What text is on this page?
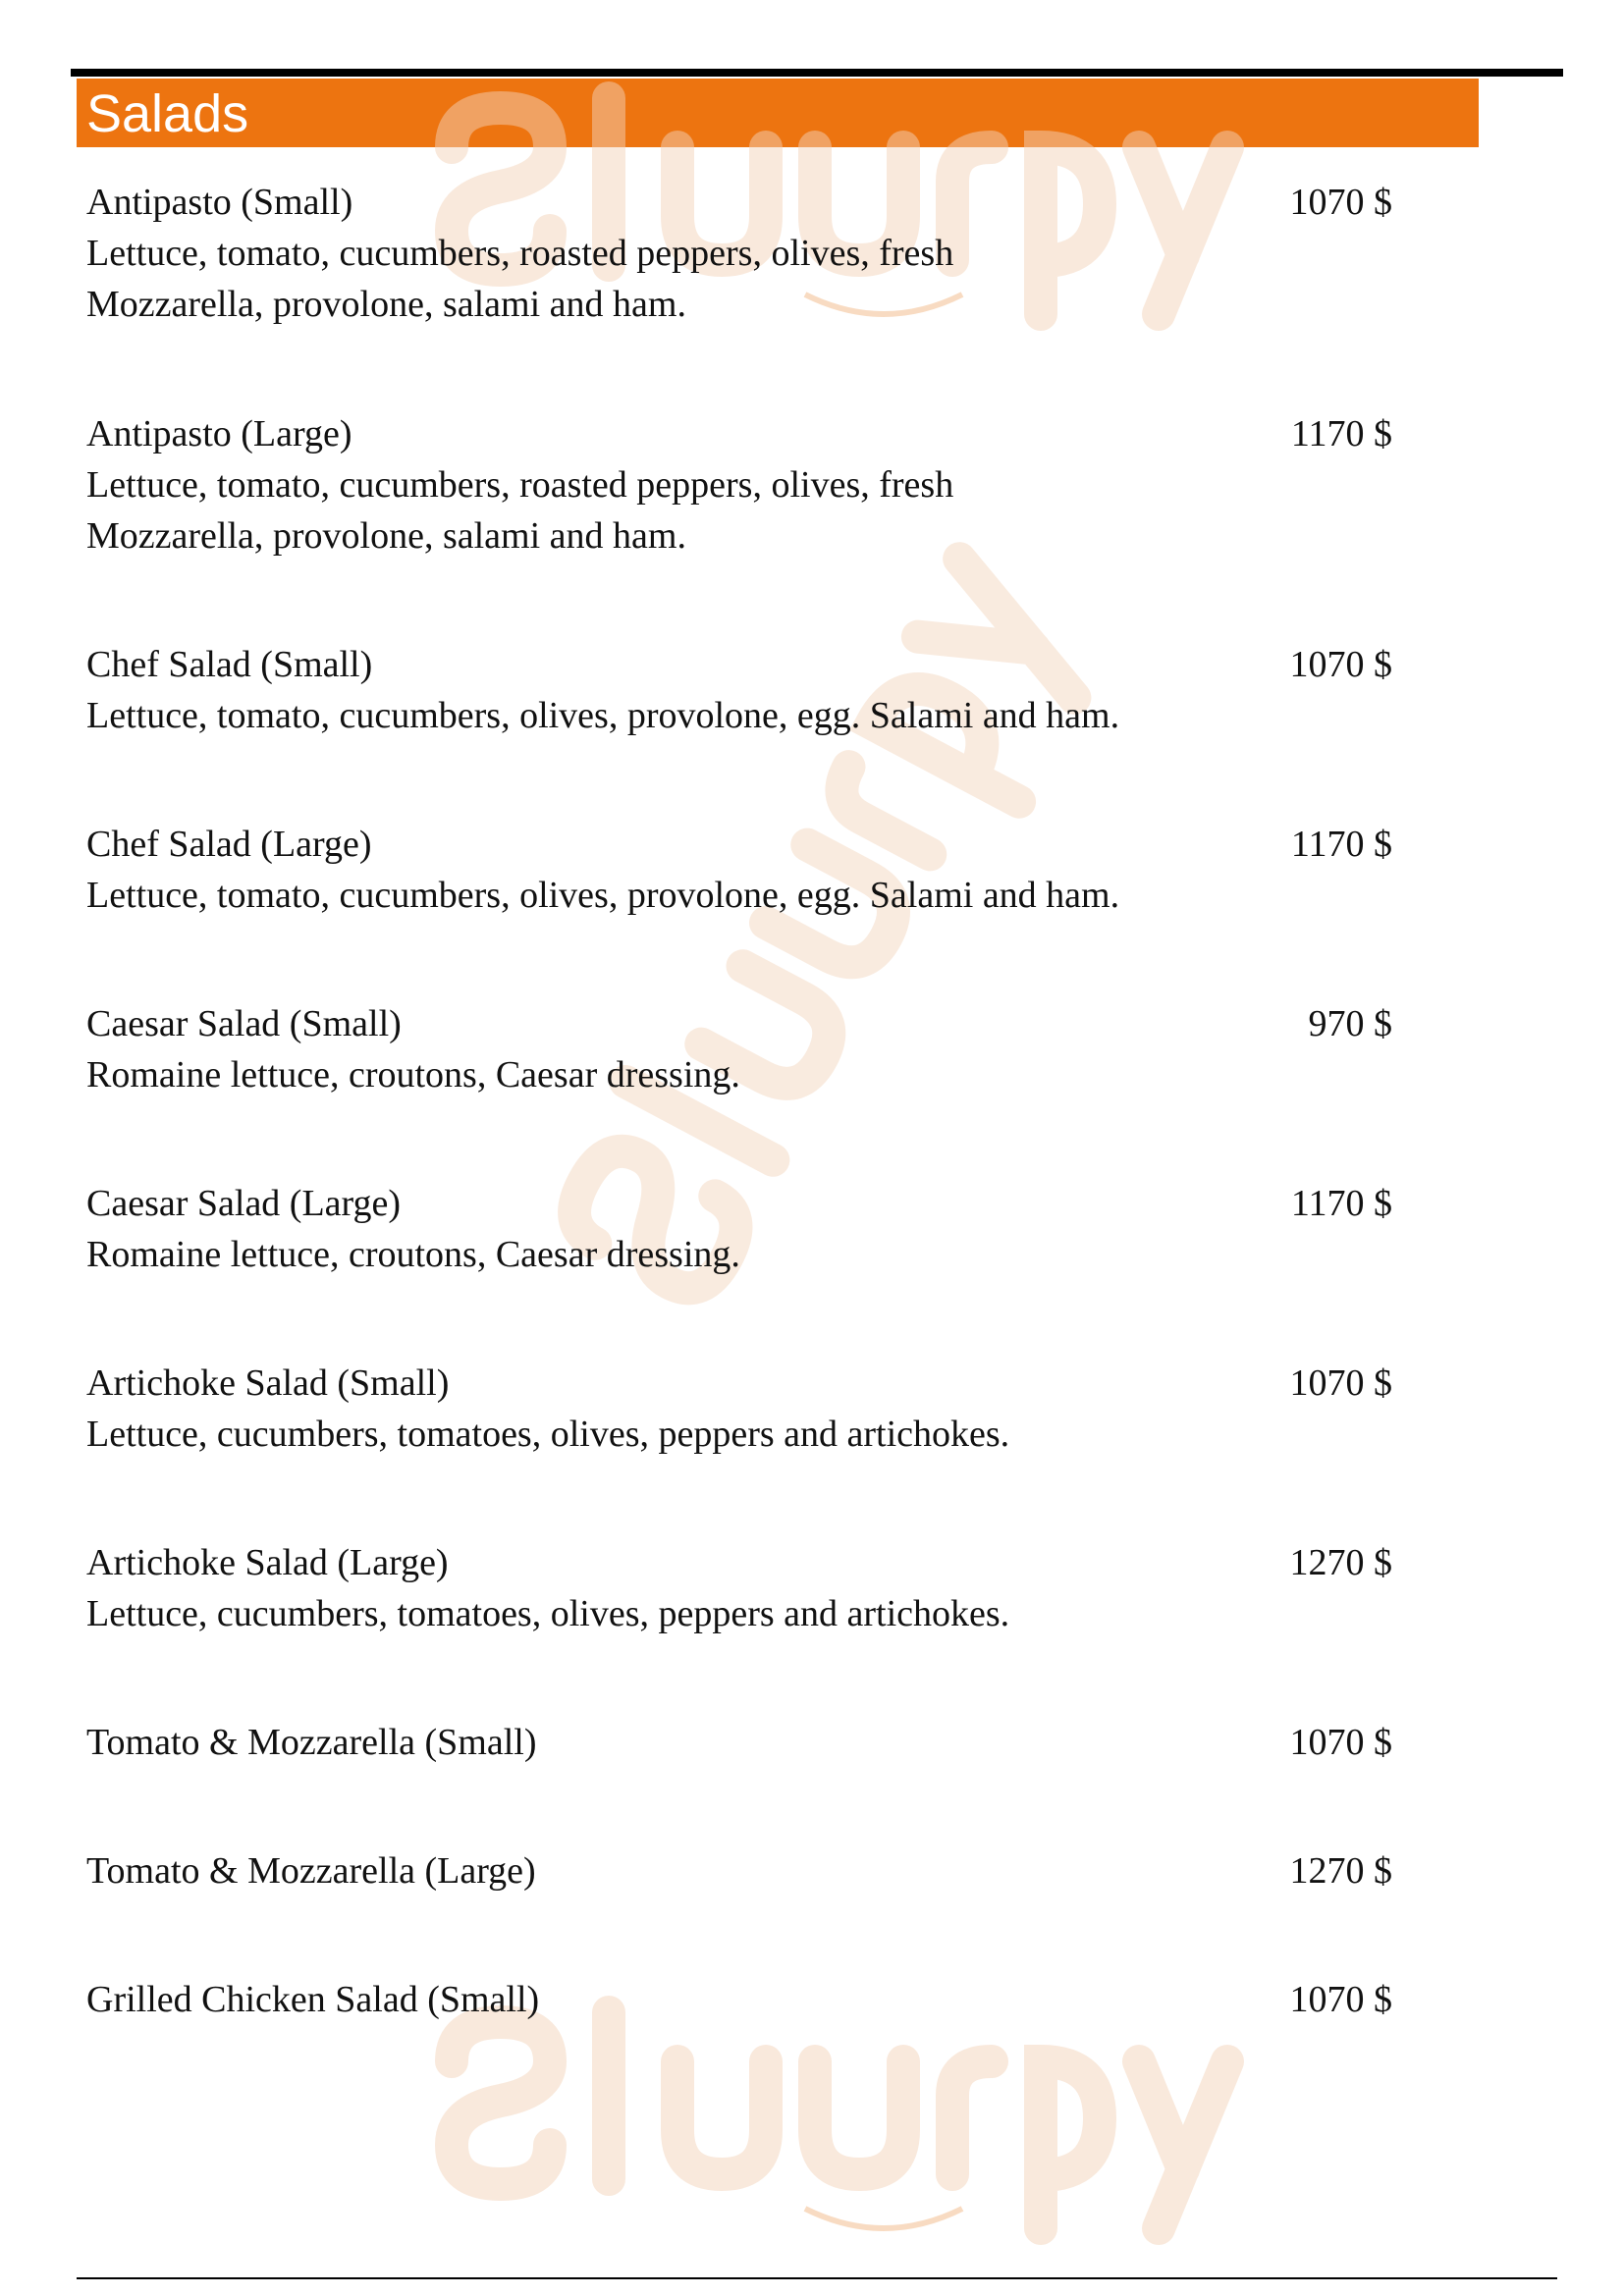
Salads
Antipasto (Small)	1070 $
Lettuce, tomato, cucumbers, roasted peppers, olives, fresh Mozzarella, provolone, salami and ham.
Antipasto (Large)	1170 $
Lettuce, tomato, cucumbers, roasted peppers, olives, fresh Mozzarella, provolone, salami and ham.
Chef Salad (Small)	1070 $
Lettuce, tomato, cucumbers, olives, provolone, egg. Salami and ham.
Chef Salad (Large)	1170 $
Lettuce, tomato, cucumbers, olives, provolone, egg. Salami and ham.
Caesar Salad (Small)	970 $
Romaine lettuce, croutons, Caesar dressing.
Caesar Salad (Large)	1170 $
Romaine lettuce, croutons, Caesar dressing.
Artichoke Salad (Small)	1070 $
Lettuce, cucumbers, tomatoes, olives, peppers and artichokes.
Artichoke Salad (Large)	1270 $
Lettuce, cucumbers, tomatoes, olives, peppers and artichokes.
Tomato & Mozzarella (Small)	1070 $
Tomato & Mozzarella (Large)	1270 $
Grilled Chicken Salad (Small)	1070 $
